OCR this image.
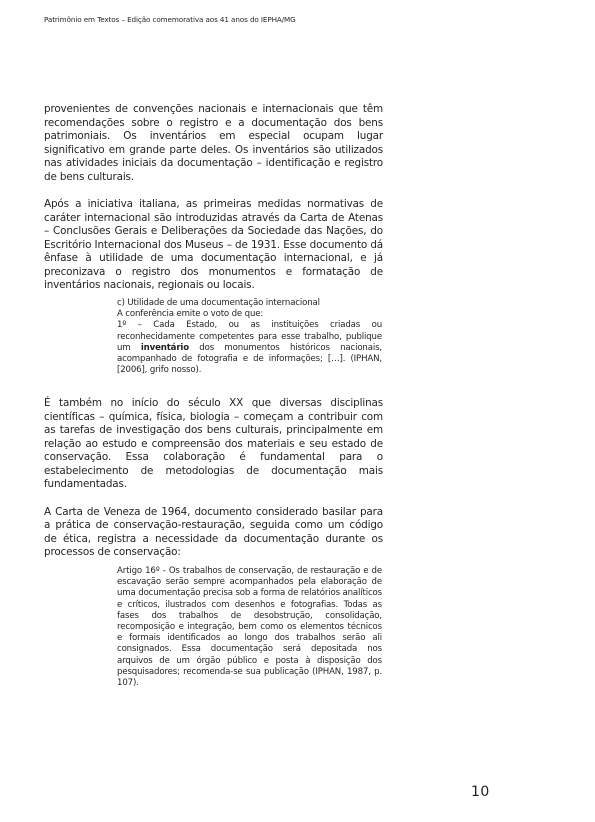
Patrimônio em Textos – Edição comemorativa aos 41 anos do IEPHA/MG

provenientes de convenções nacionais e internacionais que têm recomendações sobre o registro e a documentação dos bens patrimoniais. Os inventários em especial ocupam lugar significativo em grande parte deles. Os inventários são utilizados nas atividades iniciais da documentação – identificação e registro de bens culturais.

Após a iniciativa italiana, as primeiras medidas normativas de caráter internacional são introduzidas através da Carta de Atenas – Conclusões Gerais e Deliberações da Sociedade das Nações, do Escritório Internacional dos Museus – de 1931. Esse documento dá ênfase à utilidade de uma documentação internacional, e já preconizava o registro dos monumentos e formatação de inventários nacionais, regionais ou locais.

c) Utilidade de uma documentação internacional
A conferência emite o voto de que:
1º – Cada Estado, ou as instituições criadas ou reconhecidamente competentes para esse trabalho, publique um inventário dos monumentos históricos nacionais, acompanhado de fotografia e de informações; […]. (IPHAN, [2006], grifo nosso).

É também no início do século XX que diversas disciplinas científicas – química, física, biologia – começam a contribuir com as tarefas de investigação dos bens culturais, principalmente em relação ao estudo e compreensão dos materiais e seu estado de conservação. Essa colaboração é fundamental para o estabelecimento de metodologias de documentação mais fundamentadas.

A Carta de Veneza de 1964, documento considerado basilar para a prática de conservação-restauração, seguida como um código de ética, registra a necessidade da documentação durante os processos de conservação:

Artigo 16º - Os trabalhos de conservação, de restauração e de escavação serão sempre acompanhados pela elaboração de uma documentação precisa sob a forma de relatórios analíticos e críticos, ilustrados com desenhos e fotografias. Todas as fases dos trabalhos de desobstrução, consolidação, recomposição e integração, bem como os elementos técnicos e formais identificados ao longo dos trabalhos serão ali consignados. Essa documentação será depositada nos arquivos de um órgão público e posta à disposição dos pesquisadores; recomenda-se sua publicação (IPHAN, 1987, p. 107).
10
